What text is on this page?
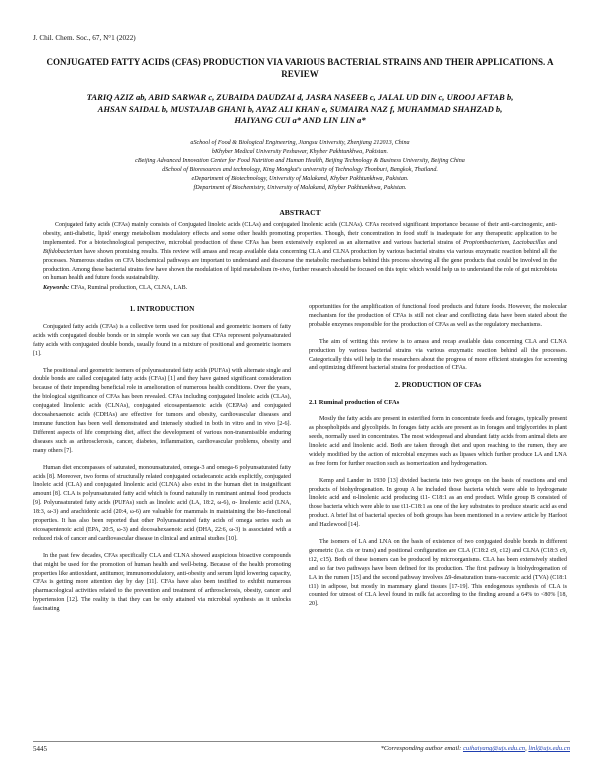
J. Chil. Chem. Soc., 67, N°1 (2022)
CONJUGATED FATTY ACIDS (CFAS) PRODUCTION VIA VARIOUS BACTERIAL STRAINS AND THEIR APPLICATIONS. A REVIEW
TARIQ AZIZ ab, ABID SARWAR c, ZUBAIDA DAUDZAI d, JASRA NASEEB c, JALAL UD DIN c, UROOJ AFTAB b,
AHSAN SAIDAL b, MUSTAJAB GHANI b, AYAZ ALI KHAN e, SUMAIRA NAZ f, MUHAMMAD SHAHZAD b,
HAIYANG CUI a* AND LIN LIN a*
aSchool of Food & Biological Engineering, Jiangsu University, Zhenjiang 212013, China
bKhyber Medical University Peshawar, Khyber Pakhtunkhwa, Pakistan.
cBeijing Advanced Innovation Center for Food Nutrition and Human Health, Beijing Technology & Business University, Beijing China
dSchool of Bioresources and technology, King Mongkut's university of Technology Thonburi, Bangkok, Thailand.
eDepartment of Biotechnology, University of Malakand, Khyber Pakhtunkhwa, Pakistan.
fDepartment of Biochemistry, University of Malakand, Khyber Pakhtunkhwa, Pakistan.
ABSTRACT

Conjugated fatty acids (CFAs) mainly consists of Conjugated linoleic acids (CLAs) and conjugated linolenic acids (CLNAs). CFAs received significant importance because of their anti-carcinogenic, anti-obesity, anti-diabetic, lipid/ energy metabolism modulatory effects and some other health promoting properties. Though, their concentration in food stuff is inadequate for any therapeutic application to be implemented. For a biotechnological perspective, microbial production of these CFAs has been extensively explored as an alternative and various bacterial strains of Propionibacterium, Lactobacillus and Bifidobacterium have shown promising results. This review will amass and recap available data concerning CLA and CLNA production by various bacterial strains via various enzymatic reaction behind all the processes. Numerous studies on CFA biochemical pathways are important to understand and discourse the metabolic mechanisms behind this process showing all the gene products that could be involved in the production. Among these bacterial strains few have shown the modulation of lipid metabolism in-vivo, further research should be focused on this topic which would help us to understand the role of gut microbiota on human health and future foods sustainability.

Keywords: CFAs, Ruminal production, CLA, CLNA, LAB.
1. INTRODUCTION

Conjugated fatty acids (CFAs) is a collective term used for positional and geometric isomers of fatty acids with conjugated double bonds or in simple words we can say that CFAs represent polyunsaturated fatty acids with conjugated double bonds, usually found in a mixture of positional and geometric isomers [1].

The positional and geometric isomers of polyunsaturated fatty acids (PUFAs) with alternate single and double bonds are called conjugated fatty acids (CFAs) [1] and they have gained significant consideration because of their impending beneficial role in amelioration of numerous health conditions. Over the years, the biological significance of CFAs has been revealed. CFAs including conjugated linoleic acids (CLAs), conjugated linolenic acids (CLNAs), conjugated eicosapentaenoic acids (CEPAs) and conjugated docosahexaenoic acids (CDHAs) are effective for tumors and obesity, cardiovascular diseases and immune function has been well demonstrated and intensely studied in both in vitro and in vivo [2-6]. Different aspects of life comprising diet, affect the development of various non-transmissible enduring diseases such as arthrosclerosis, cancer, diabetes, inflammation, cardiovascular problems, obesity and many others [7].

Human diet encompasses of saturated, monounsaturated, omega-3 and omega-6 polyunsaturated fatty acids [8]. Moreover, two forms of structurally related conjugated octadecanoic acids explicitly, conjugated linoleic acid (CLA) and conjugated linolenic acid (CLNA) also exist in the human diet in insignificant amount [8]. CLA is polyunsaturated fatty acid which is found naturally in ruminant animal food products [9]. Polyunsaturated fatty acids (PUFAs) such as linoleic acid (LA, 18:2, ω-6), α- linolenic acid (LNA, 18:3, ω-3) and arachidonic acid (20:4, ω-6) are valuable for mammals in maintaining the bio-functional properties. It has also been reported that other Polyunsaturated fatty acids of omega series such as eicosapentenoic acid (EPA, 20:5, ω-3) and docosahexaenoic acid (DHA, 22:6, ω-3) is associated with a reduced risk of cancer and cardiovascular disease in clinical and animal studies [10].

In the past few decades, CFAs specifically CLA and CLNA showed auspicious bioactive compounds that might be used for the promotion of human health and well-being. Because of the health promoting properties like antioxidant, antitumor, immunomodulatory, anti-obesity and serum lipid lowering capacity, CFAs is getting more attention day by day [11]. CFAs have also been testified to exhibit numerous pharmacological activities related to the prevention and treatment of arthrosclerosis, obesity, cancer and hypertension [12]. The reality is that they can be only attained via microbial synthesis as it unlocks fascinating

opportunities for the amplification of functional food products and future foods. However, the molecular mechanism for the production of CFAs is still not clear and conflicting data have been stated about the probable enzymes responsible for the production of CFAs as well as the regulatory mechanisms.

The aim of writing this review is to amass and recap available data concerning CLA and CLNA production by various bacterial strains via various enzymatic reaction behind all the processes. Categorically this will help in the researchers about the progress of more efficient strategies for screening and optimizing different bacterial strains for production of CFAs.

2. PRODUCTION OF CFAs
2.1 Ruminal production of CFAs

Mostly the fatty acids are present in esterified form in concentrate feeds and forages, typically present as phospholipids and glycolipids. In forages fatty acids are present as in forages and triglycerides in plant seeds, normally used in concentrates. The most widespread and abundant fatty acids from animal diets are linoleic acid and linolenic acid. Both are taken through diet and upon reaching to the rumen, they are widely modified by the action of microbial enzymes such as lipases which further produce LA and LNA as free form for further reaction such as isomerization and hydrogenation.

Kemp and Lander in 1930 [13] divided bacteria into two groups on the basis of reactions and end products of biohydrogenation. In group A he included those bacteria which were able to hydrogenate linoleic acid and α-linolenic acid producing t11- C18:1 as an end product. While group B consisted of those bacteria which were able to use t11-C18:1 as one of the key substrates to produce stearic acid as end product. A brief list of bacterial species of both groups has been mentioned in a review article by Harfoot and Hazlewood [14].

The isomers of LA and LNA on the basis of existence of two conjugated double bonds in different geometric (i.e. cis or trans) and positional configuration are CLA (C18:2 c9, c12) and CLNA (C18:3 c9, t12, c15). Both of these isomers can be produced by microorganisms. CLA has been extensively studied and so far two pathways have been defined for its production. The first pathway is biohydrogenation of LA in the rumen [15] and the second pathway involves Δ9-desaturation trans-vaccenic acid (TVA) (C18:1 t11) in adipose, but mostly in mammary gland tissues [17-19]. This endogenous synthesis of CLA is counted for utmost of CLA level found in milk fat according to the finding around a 64% to <80% [18, 20].

5445	*Corresponding author email: cuihaiyang@ujs.edu.cn, linl@ujs.edu.cn
